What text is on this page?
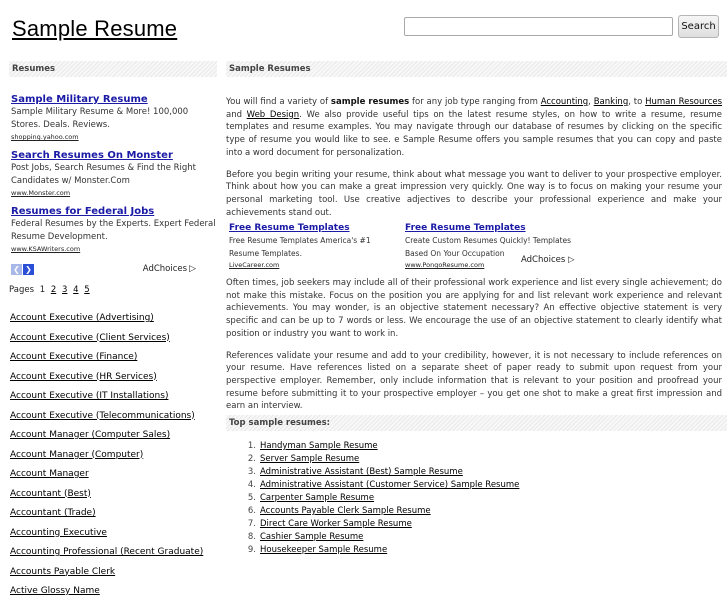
Sample Resume	Search
Resumes	Sample Resumes
Sample Military Resume
Sample Military Resume & More! 100,000 Stores. Deals. Reviews.
shopping.yahoo.com
Search Resumes On Monster
Post Jobs, Search Resumes & Find the Right Candidates w/ Monster.Com
www.Monster.com
Resumes for Federal Jobs
Federal Resumes by the Experts. Expert Federal Resume Development.
www.KSAWriters.com
❮ ❯	AdChoices ▷
Pages 1 2 3 4 5
Account Executive (Advertising)
Account Executive (Client Services)
Account Executive (Finance)
Account Executive (HR Services)
Account Executive (IT Installations)
Account Executive (Telecommunications)
Account Manager (Computer Sales)
Account Manager (Computer)
Account Manager
Accountant (Best)
Accountant (Trade)
Accounting Executive
Accounting Professional (Recent Graduate)
Accounts Payable Clerk
Active Glossy Name

You will find a variety of sample resumes for any job type ranging from Accounting, Banking, to Human Resources and Web Design. We also provide useful tips on the latest resume styles, on how to write a resume, resume templates and resume examples. You may navigate through our database of resumes by clicking on the specific type of resume you would like to see. e Sample Resume offers you sample resumes that you can copy and paste into a word document for personalization.

Before you begin writing your resume, think about what message you want to deliver to your prospective employer. Think about how you can make a great impression very quickly. One way is to focus on making your resume your personal marketing tool. Use creative adjectives to describe your professional experience and make your achievements stand out.

Free Resume Templates
Free Resume Templates America's #1 Resume Templates.
LiveCareer.com
Free Resume Templates
Create Custom Resumes Quickly! Templates Based On Your Occupation
www.PongoResume.com	AdChoices ▷

Often times, job seekers may include all of their professional work experience and list every single achievement; do not make this mistake. Focus on the position you are applying for and list relevant work experience and relevant achievements. You may wonder, is an objective statement necessary? An effective objective statement is very specific and can be up to 7 words or less. We encourage the use of an objective statement to clearly identify what position or industry you want to work in.

References validate your resume and add to your credibility, however, it is not necessary to include references on your resume. Have references listed on a separate sheet of paper ready to submit upon request from your perspective employer. Remember, only include information that is relevant to your position and proofread your resume before submitting it to your prospective employer – you get one shot to make a great first impression and earn an interview.

Top sample resumes:
1. Handyman Sample Resume
2. Server Sample Resume
3. Administrative Assistant (Best) Sample Resume
4. Administrative Assistant (Customer Service) Sample Resume
5. Carpenter Sample Resume
6. Accounts Payable Clerk Sample Resume
7. Direct Care Worker Sample Resume
8. Cashier Sample Resume
9. Housekeeper Sample Resume
